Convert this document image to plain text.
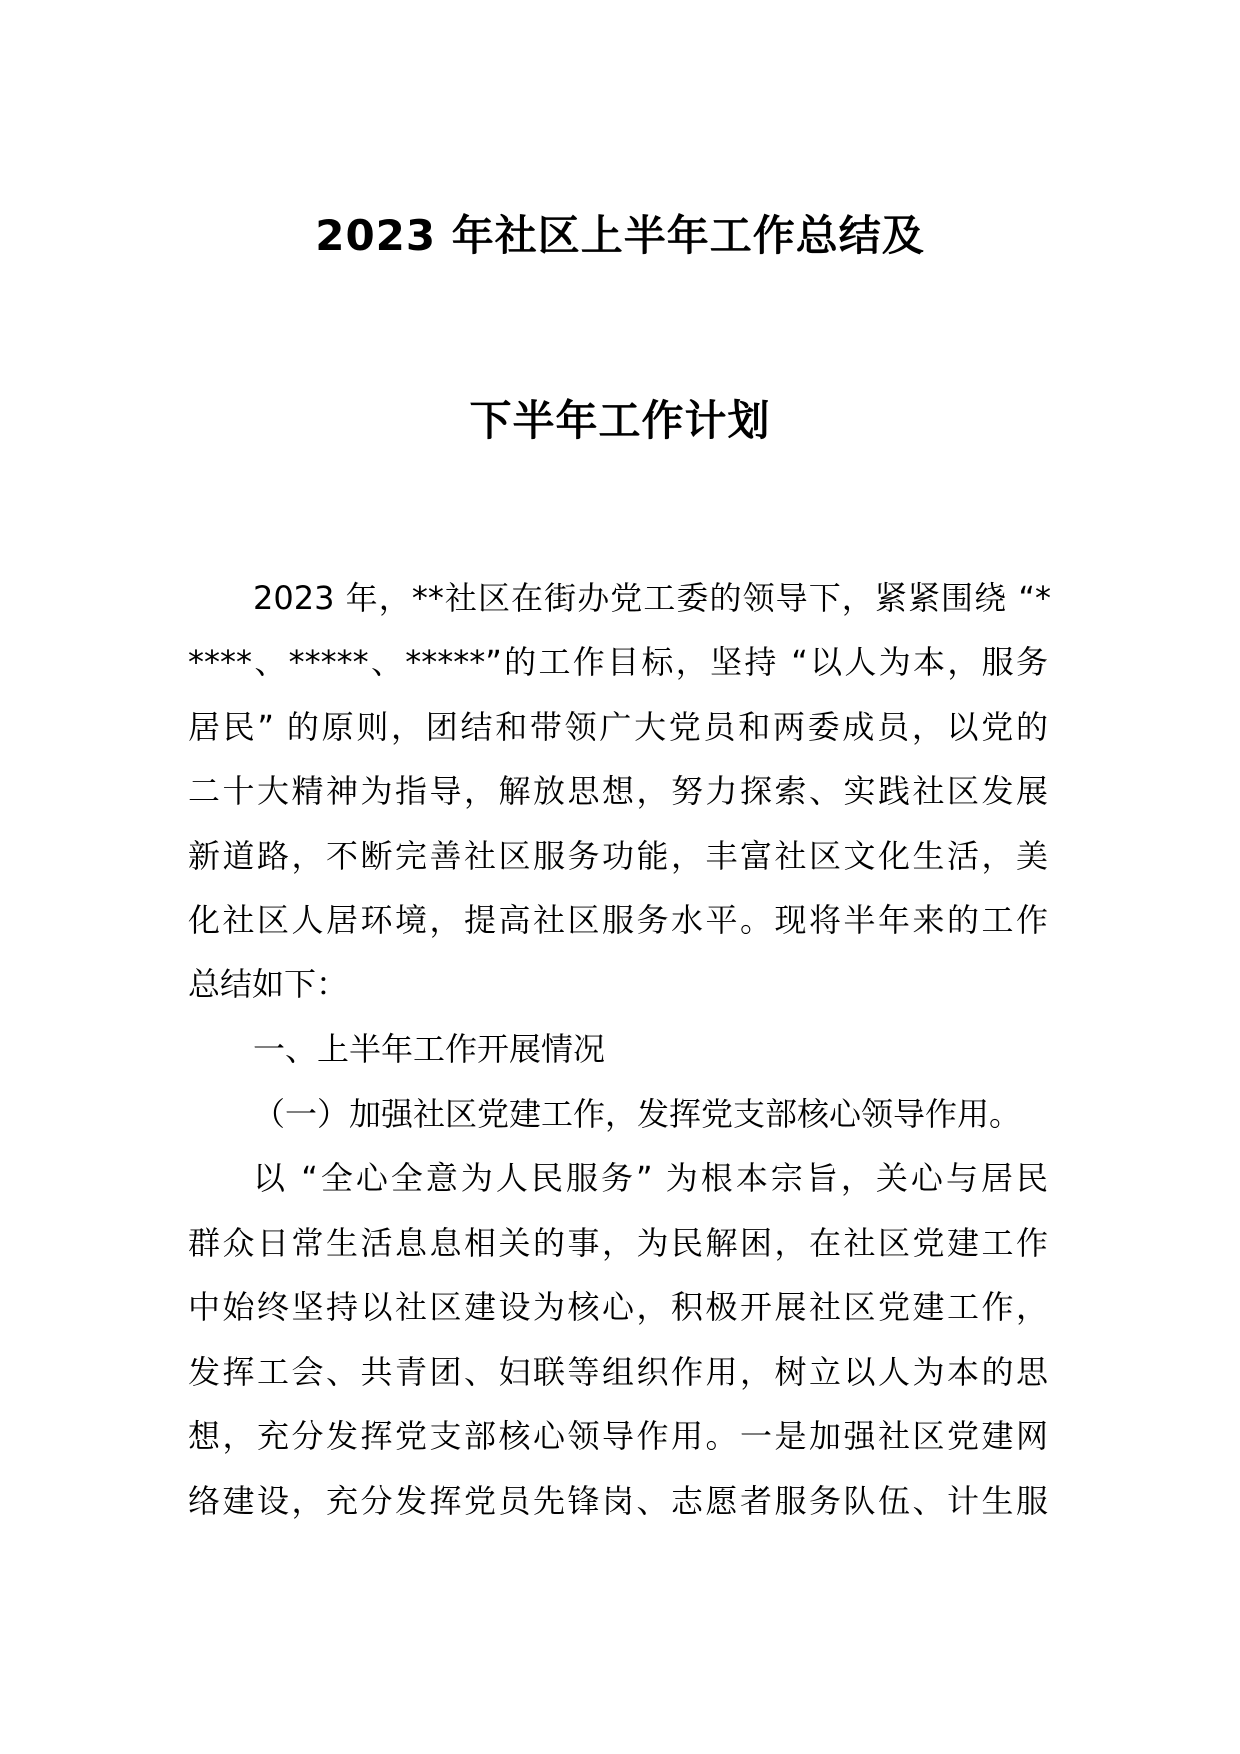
2023 年社区上半年工作总结及
下半年工作计划
2023 年，**社区在街办党工委的领导下，紧紧围绕 “*
****、*****、*****”的工作目标，坚持 “以人为本，服务
居民” 的原则，团结和带领广大党员和两委成员，以党的
二十大精神为指导，解放思想，努力探索、实践社区发展
新道路，不断完善社区服务功能，丰富社区文化生活，美
化社区人居环境，提高社区服务水平。现将半年来的工作
总结如下：
一、上半年工作开展情况
（一）加强社区党建工作，发挥党支部核心领导作用。
以 “全心全意为人民服务” 为根本宗旨，关心与居民
群众日常生活息息相关的事，为民解困，在社区党建工作
中始终坚持以社区建设为核心，积极开展社区党建工作，
发挥工会、共青团、妇联等组织作用，树立以人为本的思
想，充分发挥党支部核心领导作用。一是加强社区党建网
络建设，充分发挥党员先锋岗、志愿者服务队伍、计生服
